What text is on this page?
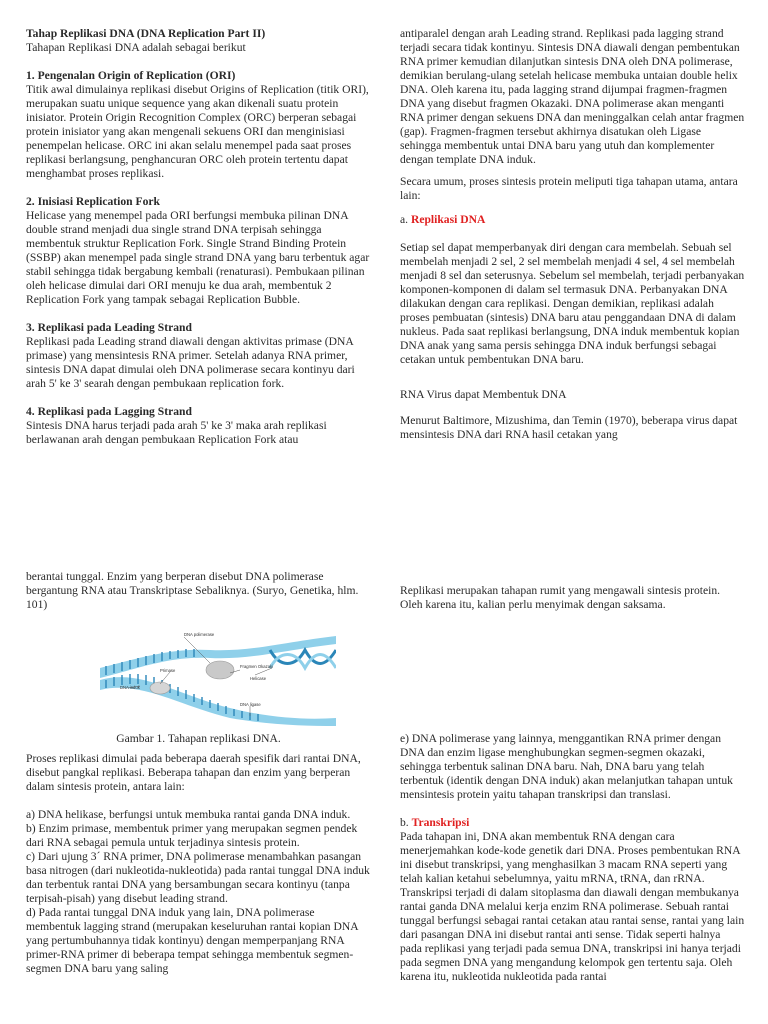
Tahap Replikasi DNA (DNA Replication Part II)

Tahapan Replikasi DNA adalah sebagai berikut

1. Pengenalan Origin of Replication (ORI)

Titik awal dimulainya replikasi disebut Origins of Replication (titik ORI), merupakan suatu unique sequence yang akan dikenali suatu protein inisiator. Protein Origin Recognition Complex (ORC) berperan sebagai protein inisiator yang akan mengenali sekuens ORI dan menginisiasi penempelan helicase. ORC ini akan selalu menempel pada saat proses replikasi berlangsung, penghancuran ORC oleh protein tertentu dapat menghambat proses replikasi.

2. Inisiasi Replication Fork

Helicase yang menempel pada ORI berfungsi membuka pilinan DNA double strand menjadi dua single strand DNA terpisah sehingga membentuk struktur Replication Fork. Single Strand Binding Protein (SSBP) akan menempel pada single strand DNA yang baru terbentuk agar stabil sehingga tidak bergabung kembali (renaturasi). Pembukaan pilinan oleh helicase dimulai dari ORI menuju ke dua arah, membentuk 2 Replication Fork yang tampak sebagai Replication Bubble.

3. Replikasi pada Leading Strand

Replikasi pada Leading strand diawali dengan aktivitas primase (DNA primase) yang mensintesis RNA primer. Setelah adanya RNA primer, sintesis DNA dapat dimulai oleh DNA polimerase secara kontinyu dari arah 5' ke 3' searah dengan pembukaan replication fork.

4. Replikasi pada Lagging Strand

Sintesis DNA harus terjadi pada arah 5' ke 3' maka arah replikasi berlawanan arah dengan pembukaan Replication Fork atau

antiparalel dengan arah Leading strand. Replikasi pada lagging strand terjadi secara tidak kontinyu. Sintesis DNA diawali dengan pembentukan RNA primer kemudian dilanjutkan sintesis DNA oleh DNA polimerase, demikian berulang-ulang setelah helicase membuka untaian double helix DNA. Oleh karena itu, pada lagging strand dijumpai fragmen-fragmen DNA yang disebut fragmen Okazaki. DNA polimerase akan menganti RNA primer dengan sekuens DNA dan meninggalkan celah antar fragmen (gap). Fragmen-fragmen tersebut akhirnya disatukan oleh Ligase sehingga membentuk untai DNA baru yang utuh dan komplementer dengan template DNA induk.

Secara umum, proses sintesis protein meliputi tiga tahapan utama, antara lain:

a. Replikasi DNA

Setiap sel dapat memperbanyak diri dengan cara membelah. Sebuah sel membelah menjadi 2 sel, 2 sel membelah menjadi 4 sel, 4 sel membelah menjadi 8 sel dan seterusnya. Sebelum sel membelah, terjadi perbanyakan komponen-komponen di dalam sel termasuk DNA. Perbanyakan DNA dilakukan dengan cara replikasi. Dengan demikian, replikasi adalah proses pembuatan (sintesis) DNA baru atau penggandaan DNA di dalam nukleus. Pada saat replikasi berlangsung, DNA induk membentuk kopian DNA anak yang sama persis sehingga DNA induk berfungsi sebagai cetakan untuk pembentukan DNA baru.

RNA Virus dapat Membentuk DNA

Menurut Baltimore, Mizushima, dan Temin (1970), beberapa virus dapat mensintesis DNA dari RNA hasil cetakan yang

berantai tunggal. Enzim yang berperan disebut DNA polimerase bergantung RNA atau Transkriptase Sebaliknya. (Suryo, Genetika, hlm. 101)

DNA polimerase
Primase
Fragmen Okazaki
DNA induk
DNA ligase
Helicase

Gambar 1. Tahapan replikasi DNA.

Proses replikasi dimulai pada beberapa daerah spesifik dari rantai DNA, disebut pangkal replikasi. Beberapa tahapan dan enzim yang berperan dalam sintesis protein, antara lain:

a) DNA helikase, berfungsi untuk membuka rantai ganda DNA induk.

b) Enzim primase, membentuk primer yang merupakan segmen pendek dari RNA sebagai pemula untuk terjadinya sintesis protein.

c) Dari ujung 3´ RNA primer, DNA polimerase menambahkan pasangan basa nitrogen (dari nukleotida-nukleotida) pada rantai tunggal DNA induk dan terbentuk rantai DNA yang bersambungan secara kontinyu (tanpa terpisah-pisah) yang disebut leading strand.

d) Pada rantai tunggal DNA induk yang lain, DNA polimerase membentuk lagging strand (merupakan keseluruhan rantai kopian DNA yang pertumbuhannya tidak kontinyu) dengan memperpanjang RNA primer-RNA primer di beberapa tempat sehingga membentuk segmen-segmen DNA baru yang saling

Replikasi merupakan tahapan rumit yang mengawali sintesis protein. Oleh karena itu, kalian perlu menyimak dengan saksama.

e) DNA polimerase yang lainnya, menggantikan RNA primer dengan DNA dan enzim ligase menghubungkan segmen-segmen okazaki, sehingga terbentuk salinan DNA baru. Nah, DNA baru yang telah terbentuk (identik dengan DNA induk) akan melanjutkan tahapan untuk mensintesis protein yaitu tahapan transkripsi dan translasi.

b. Transkripsi

Pada tahapan ini, DNA akan membentuk RNA dengan cara menerjemahkan kode-kode genetik dari DNA. Proses pembentukan RNA ini disebut transkripsi, yang menghasilkan 3 macam RNA seperti yang telah kalian ketahui sebelumnya, yaitu mRNA, tRNA, dan rRNA. Transkripsi terjadi di dalam sitoplasma dan diawali dengan membukanya rantai ganda DNA melalui kerja enzim RNA polimerase. Sebuah rantai tunggal berfungsi sebagai rantai cetakan atau rantai sense, rantai yang lain dari pasangan DNA ini disebut rantai anti sense. Tidak seperti halnya pada replikasi yang terjadi pada semua DNA, transkripsi ini hanya terjadi pada segmen DNA yang mengandung kelompok gen tertentu saja. Oleh karena itu, nukleotida nukleotida pada rantai
